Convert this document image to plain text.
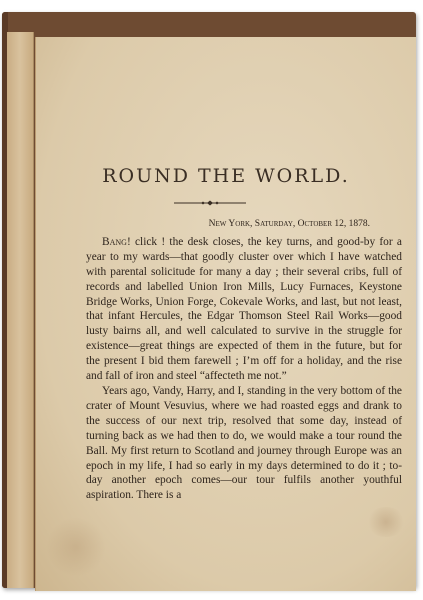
ROUND THE WORLD.

New York, Saturday, October 12, 1878.

Bang! click ! the desk closes, the key turns, and good-by for a year to my wards—that goodly cluster over which I have watched with parental solicitude for many a day ; their several cribs, full of records and labelled Union Iron Mills, Lucy Furnaces, Keystone Bridge Works, Union Forge, Cokevale Works, and last, but not least, that infant Hercules, the Edgar Thomson Steel Rail Works—good lusty bairns all, and well calculated to survive in the struggle for existence—great things are expected of them in the future, but for the present I bid them farewell ; I’m off for a holiday, and the rise and fall of iron and steel “affecteth me not.”

Years ago, Vandy, Harry, and I, standing in the very bottom of the crater of Mount Vesuvius, where we had roasted eggs and drank to the success of our next trip, resolved that some day, instead of turning back as we had then to do, we would make a tour round the Ball. My first return to Scotland and journey through Europe was an epoch in my life, I had so early in my days determined to do it ; to-day another epoch comes—our tour fulfils another youthful aspiration. There is a
